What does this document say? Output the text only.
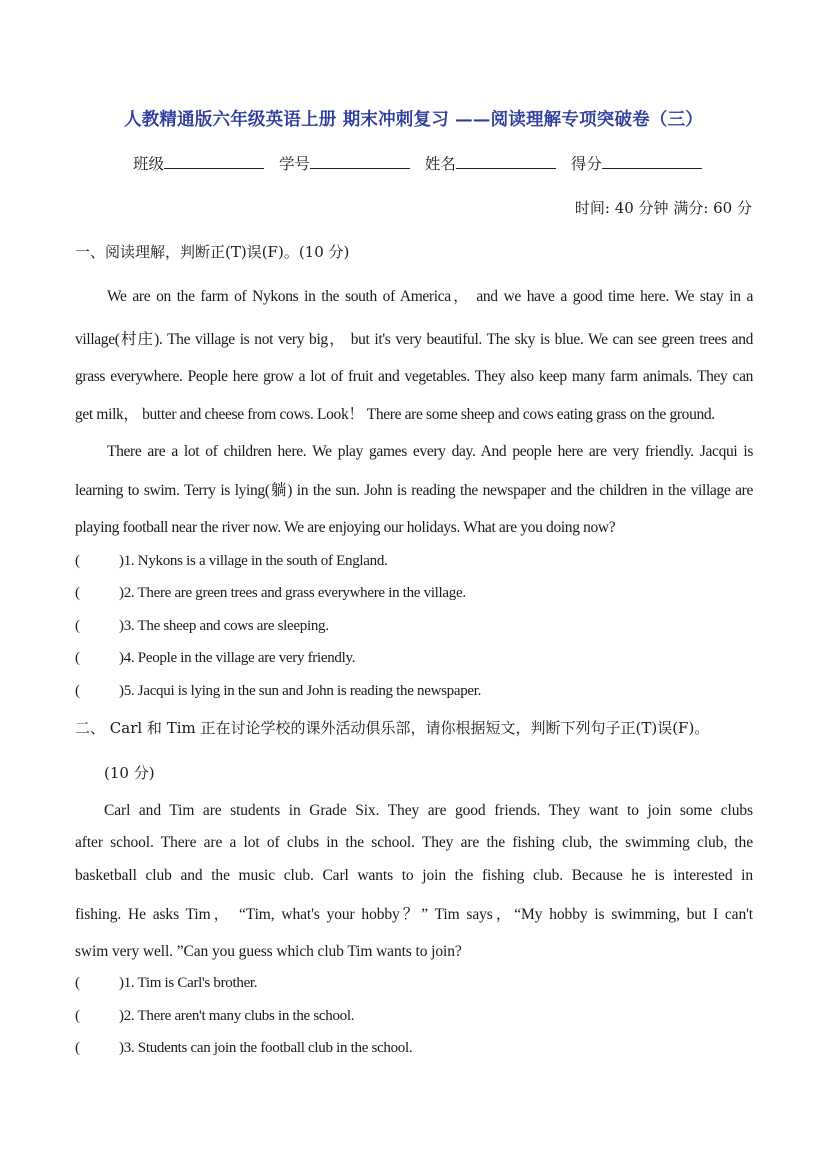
人教精通版六年级英语上册 期末冲刺复习 ——阅读理解专项突破卷（三）
班级	学号	姓名	得分
时间: 40 分钟 满分: 60 分
一、阅读理解，判断正(T)误(F)。(10 分)
We are on the farm of Nykons in the south of America， and we have a good time here. We stay in a
village(村庄). The village is not very big， but it's very beautiful. The sky is blue. We can see green trees and
grass everywhere. People here grow a lot of fruit and vegetables. They also keep many farm animals. They can
get milk， butter and cheese from cows. Look！ There are some sheep and cows eating grass on the ground.
There are a lot of children here. We play games every day. And people here are very friendly. Jacqui is
learning to swim. Terry is lying(躺) in the sun. John is reading the newspaper and the children in the village are
playing football near the river now. We are enjoying our holidays. What are you doing now?
(	)1. Nykons is a village in the south of England.
(	)2. There are green trees and grass everywhere in the village.
(	)3. The sheep and cows are sleeping.
(	)4. People in the village are very friendly.
(	)5. Jacqui is lying in the sun and John is reading the newspaper.
二、 Carl 和 Tim 正在讨论学校的课外活动俱乐部，请你根据短文，判断下列句子正(T)误(F)。
(10 分)
Carl and Tim are students in Grade Six. They are good friends. They want to join some clubs
after school. There are a lot of clubs in the school. They are the fishing club, the swimming club, the
basketball club and the music club. Carl wants to join the fishing club. Because he is interested in
fishing. He asks Tim， “Tim, what's your hobby？” Tim says，“My hobby is swimming, but I can't
swim very well. ”Can you guess which club Tim wants to join?
(	)1. Tim is Carl's brother.
(	)2. There aren't many clubs in the school.
(	)3. Students can join the football club in the school.
